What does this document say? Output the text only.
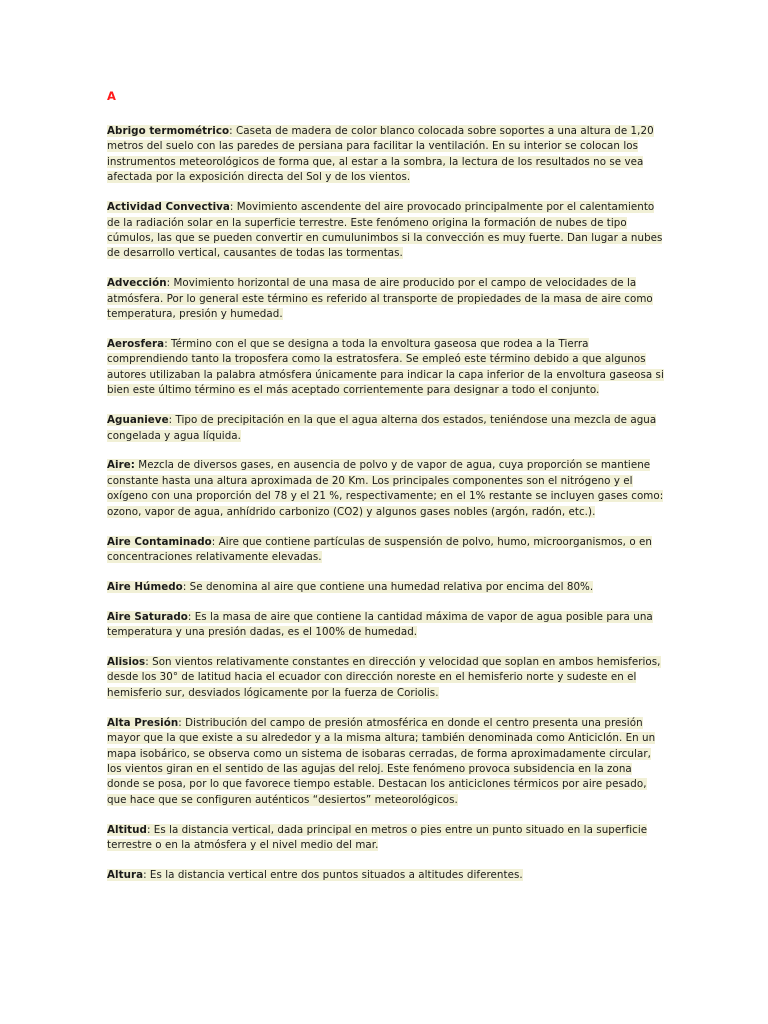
A
Abrigo termométrico: Caseta de madera de color blanco colocada sobre soportes a una altura de 1,20 metros del suelo con las paredes de persiana para facilitar la ventilación. En su interior se colocan los instrumentos meteorológicos de forma que, al estar a la sombra, la lectura de los resultados no se vea afectada por la exposición directa del Sol y de los vientos.
Actividad Convectiva: Movimiento ascendente del aire provocado principalmente por el calentamiento de la radiación solar en la superficie terrestre. Este fenómeno origina la formación de nubes de tipo cúmulos, las que se pueden convertir en cumulunimbos si la convección es muy fuerte. Dan lugar a nubes de desarrollo vertical, causantes de todas las tormentas.
Advección: Movimiento horizontal de una masa de aire producido por el campo de velocidades de la atmósfera. Por lo general este término es referido al transporte de propiedades de la masa de aire como temperatura, presión y humedad.
Aerosfera: Término con el que se designa a toda la envoltura gaseosa que rodea a la Tierra comprendiendo tanto la troposfera como la estratosfera. Se empleó este término debido a que algunos autores utilizaban la palabra atmósfera únicamente para indicar la capa inferior de la envoltura gaseosa si bien este último término es el más aceptado corrientemente para designar a todo el conjunto.
Aguanieve: Tipo de precipitación en la que el agua alterna dos estados, teniéndose una mezcla de agua congelada y agua líquida.
Aire: Mezcla de diversos gases, en ausencia de polvo y de vapor de agua, cuya proporción se mantiene constante hasta una altura aproximada de 20 Km. Los principales componentes son el nitrógeno y el oxígeno con una proporción del 78 y el 21 %, respectivamente; en el 1% restante se incluyen gases como: ozono, vapor de agua, anhídrido carbonizo (CO2) y algunos gases nobles (argón, radón, etc.).
Aire Contaminado: Aire que contiene partículas de suspensión de polvo, humo, microorganismos, o en concentraciones relativamente elevadas.
Aire Húmedo: Se denomina al aire que contiene una humedad relativa por encima del 80%.
Aire Saturado: Es la masa de aire que contiene la cantidad máxima de vapor de agua posible para una temperatura y una presión dadas, es el 100% de humedad.
Alisios: Son vientos relativamente constantes en dirección y velocidad que soplan en ambos hemisferios, desde los 30° de latitud hacia el ecuador con dirección noreste en el hemisferio norte y sudeste en el hemisferio sur, desviados lógicamente por la fuerza de Coriolis.
Alta Presión: Distribución del campo de presión atmosférica en donde el centro presenta una presión mayor que la que existe a su alrededor y a la misma altura; también denominada como Anticiclón. En un mapa isobárico, se observa como un sistema de isobaras cerradas, de forma aproximadamente circular, los vientos giran en el sentido de las agujas del reloj. Este fenómeno provoca subsidencia en la zona donde se posa, por lo que favorece tiempo estable. Destacan los anticiclones térmicos por aire pesado, que hace que se configuren auténticos “desiertos” meteorológicos.
Altitud: Es la distancia vertical, dada principal en metros o pies entre un punto situado en la superficie terrestre o en la atmósfera y el nivel medio del mar.
Altura: Es la distancia vertical entre dos puntos situados a altitudes diferentes.
